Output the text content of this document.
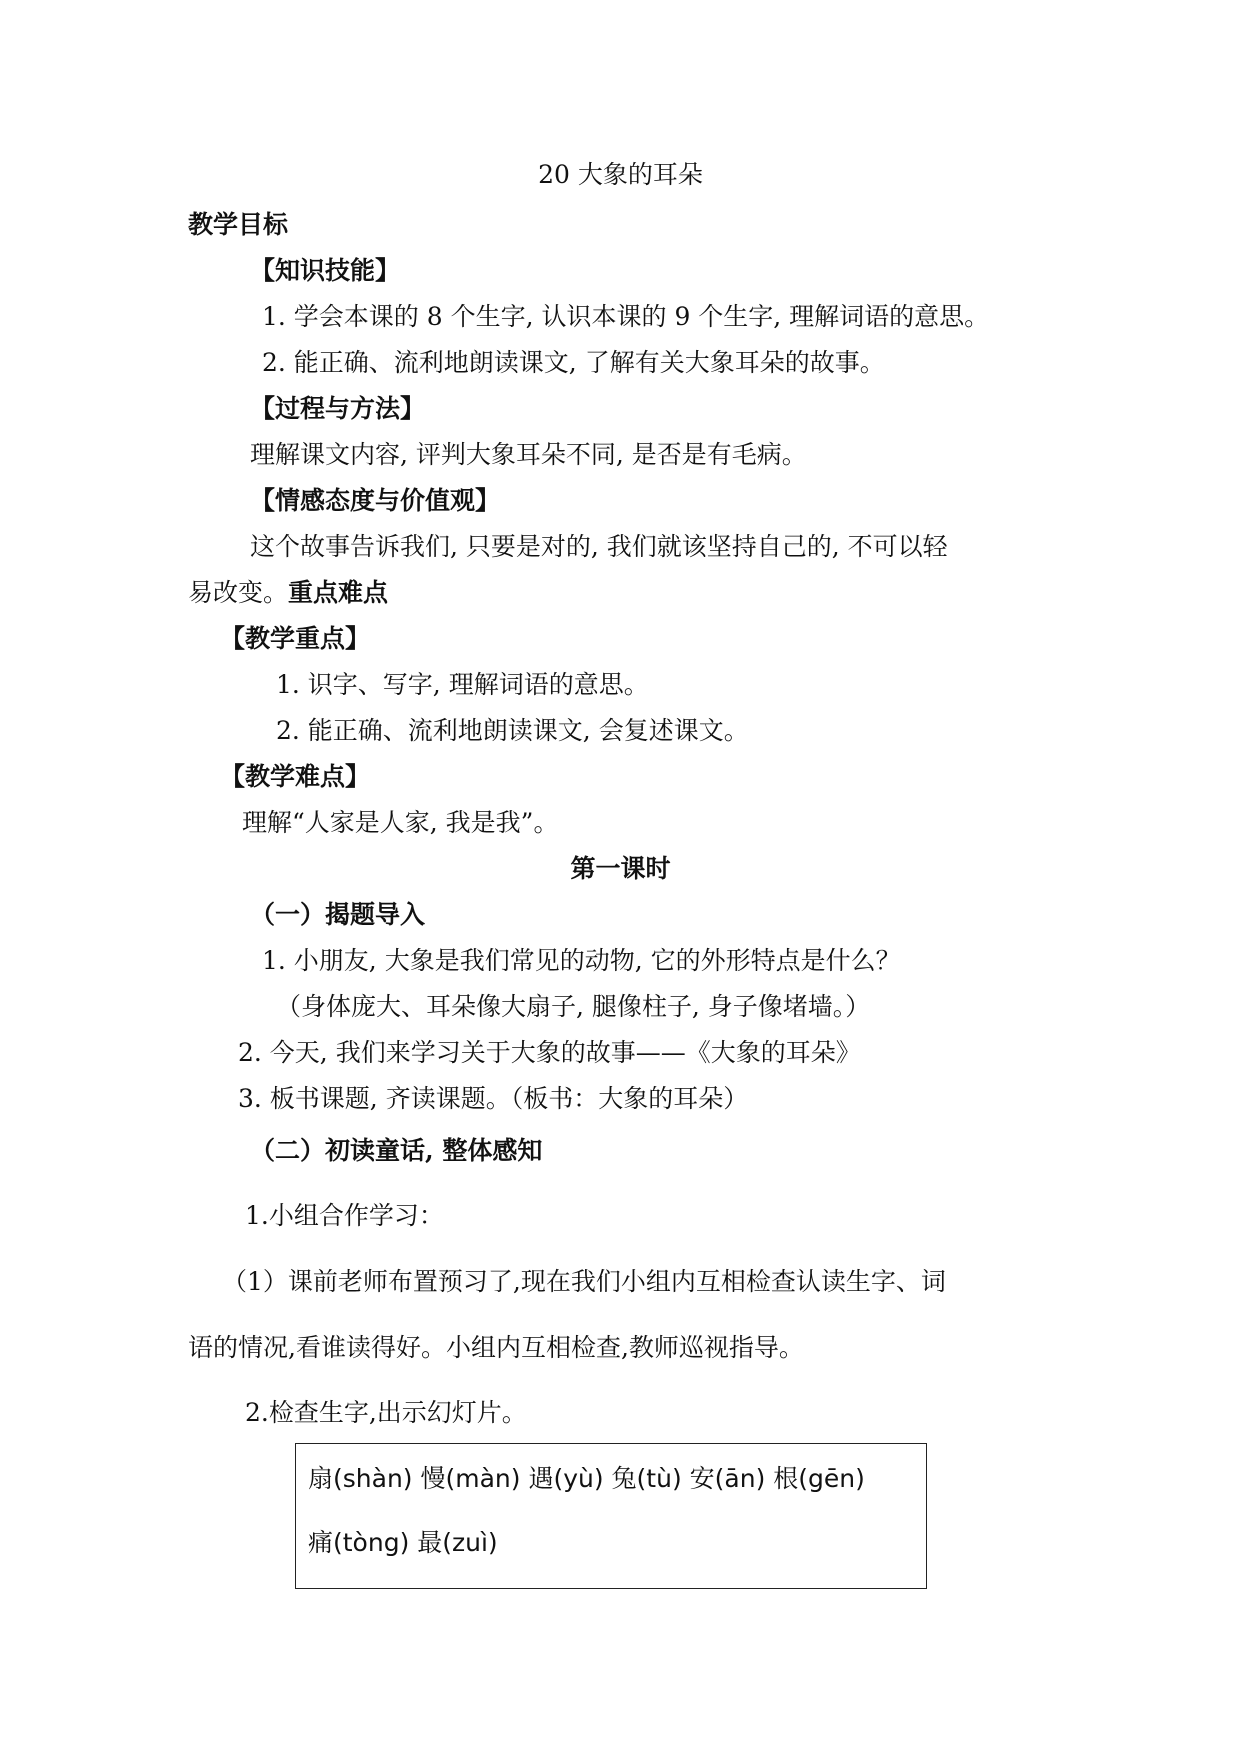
20 大象的耳朵
教学目标
【知识技能】
1. 学会本课的 8 个生字, 认识本课的 9 个生字, 理解词语的意思。
2. 能正确、流利地朗读课文, 了解有关大象耳朵的故事。
【过程与方法】
理解课文内容, 评判大象耳朵不同, 是否是有毛病。
【情感态度与价值观】
这个故事告诉我们, 只要是对的, 我们就该坚持自己的, 不可以轻
易改变。重点难点
【教学重点】
1. 识字、写字, 理解词语的意思。
2. 能正确、流利地朗读课文, 会复述课文。
【教学难点】
理解“人家是人家, 我是我”。
第一课时
（一）揭题导入
1. 小朋友, 大象是我们常见的动物, 它的外形特点是什么？
（身体庞大、耳朵像大扇子, 腿像柱子, 身子像堵墙。）
2. 今天, 我们来学习关于大象的故事——《大象的耳朵》
3. 板书课题, 齐读课题。（板书：大象的耳朵）
（二）初读童话, 整体感知
1.小组合作学习：
（1）课前老师布置预习了,现在我们小组内互相检查认读生字、词
语的情况,看谁读得好。小组内互相检查,教师巡视指导。
2.检查生字,出示幻灯片。
扇(shàn) 慢(màn) 遇(yù) 兔(tù) 安(ān) 根(gēn)
痛(tòng) 最(zuì)
